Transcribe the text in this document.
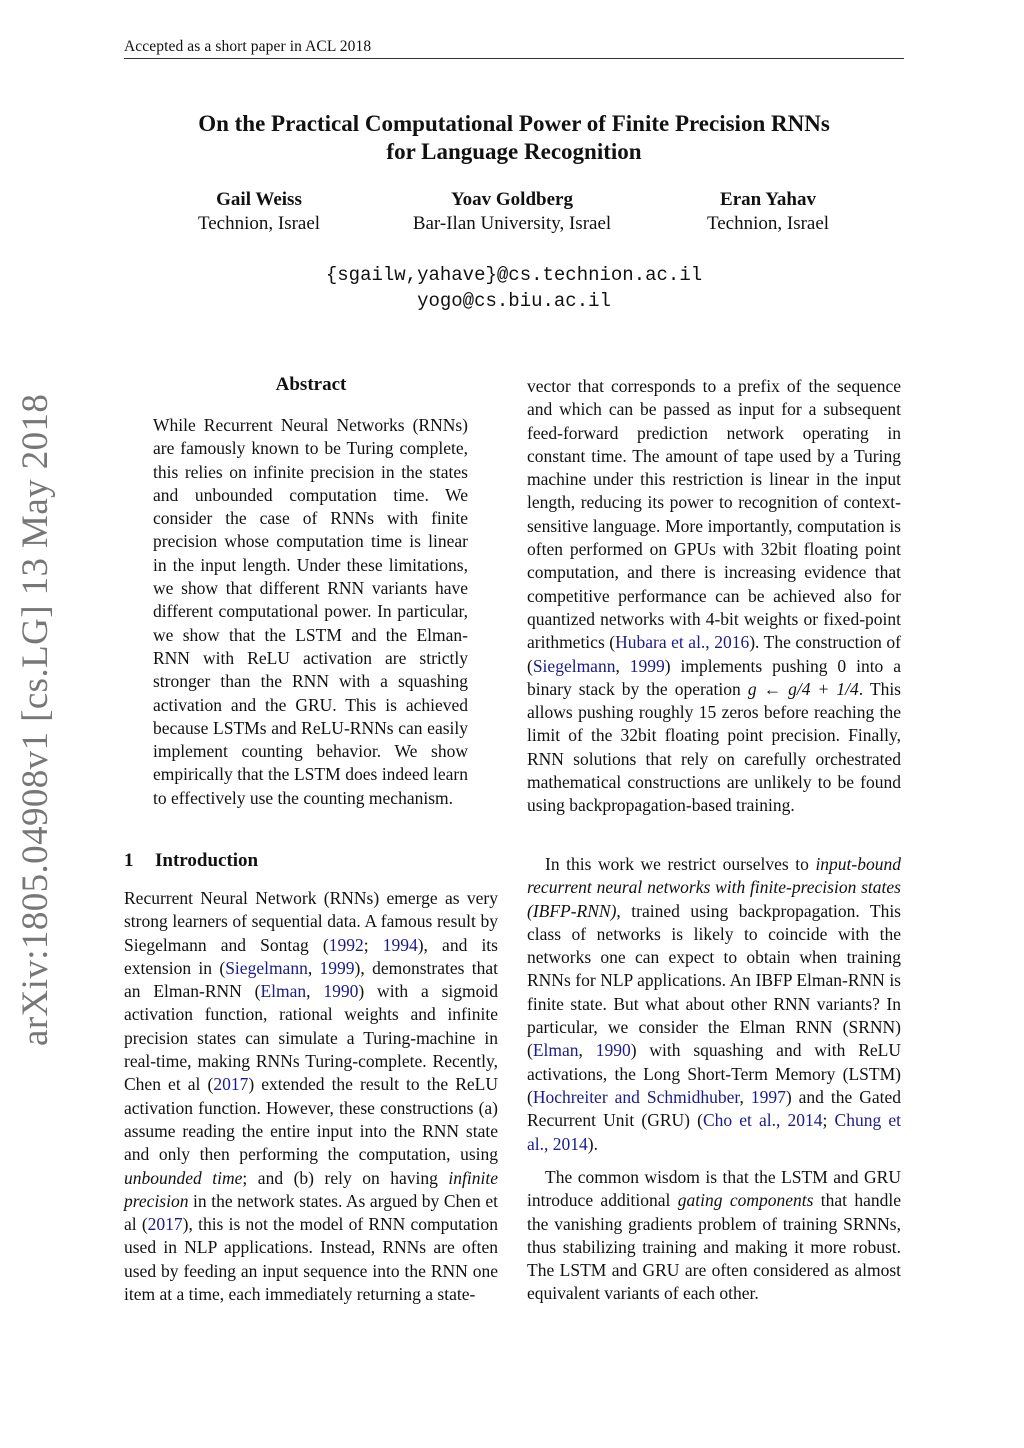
Accepted as a short paper in ACL 2018
arXiv:1805.04908v1 [cs.LG] 13 May 2018
On the Practical Computational Power of Finite Precision RNNs
for Language Recognition
Gail Weiss
Technion, Israel
Yoav Goldberg
Bar-Ilan University, Israel
Eran Yahav
Technion, Israel
{sgailw,yahave}@cs.technion.ac.il
yogo@cs.biu.ac.il
Abstract
While Recurrent Neural Networks (RNNs) are famously known to be Turing complete, this relies on infinite precision in the states and unbounded computation time. We consider the case of RNNs with finite precision whose computation time is linear in the input length. Under these limitations, we show that different RNN variants have different computational power. In particular, we show that the LSTM and the Elman-RNN with ReLU activation are strictly stronger than the RNN with a squashing activation and the GRU. This is achieved because LSTMs and ReLU-RNNs can easily implement counting behavior. We show empirically that the LSTM does indeed learn to effectively use the counting mechanism.
1 Introduction
Recurrent Neural Network (RNNs) emerge as very strong learners of sequential data. A famous result by Siegelmann and Sontag (1992; 1994), and its extension in (Siegelmann, 1999), demonstrates that an Elman-RNN (Elman, 1990) with a sigmoid activation function, rational weights and infinite precision states can simulate a Turing-machine in real-time, making RNNs Turing-complete. Recently, Chen et al (2017) extended the result to the ReLU activation function. However, these constructions (a) assume reading the entire input into the RNN state and only then performing the computation, using unbounded time; and (b) rely on having infinite precision in the network states. As argued by Chen et al (2017), this is not the model of RNN computation used in NLP applications. Instead, RNNs are often used by feeding an input sequence into the RNN one item at a time, each immediately returning a state-
vector that corresponds to a prefix of the sequence and which can be passed as input for a subsequent feed-forward prediction network operating in constant time. The amount of tape used by a Turing machine under this restriction is linear in the input length, reducing its power to recognition of context-sensitive language. More importantly, computation is often performed on GPUs with 32bit floating point computation, and there is increasing evidence that competitive performance can be achieved also for quantized networks with 4-bit weights or fixed-point arithmetics (Hubara et al., 2016). The construction of (Siegelmann, 1999) implements pushing 0 into a binary stack by the operation g ← g/4 + 1/4. This allows pushing roughly 15 zeros before reaching the limit of the 32bit floating point precision. Finally, RNN solutions that rely on carefully orchestrated mathematical constructions are unlikely to be found using backpropagation-based training.
In this work we restrict ourselves to input-bound recurrent neural networks with finite-precision states (IBFP-RNN), trained using backpropagation. This class of networks is likely to coincide with the networks one can expect to obtain when training RNNs for NLP applications. An IBFP Elman-RNN is finite state. But what about other RNN variants? In particular, we consider the Elman RNN (SRNN) (Elman, 1990) with squashing and with ReLU activations, the Long Short-Term Memory (LSTM) (Hochreiter and Schmidhuber, 1997) and the Gated Recurrent Unit (GRU) (Cho et al., 2014; Chung et al., 2014).
The common wisdom is that the LSTM and GRU introduce additional gating components that handle the vanishing gradients problem of training SRNNs, thus stabilizing training and making it more robust. The LSTM and GRU are often considered as almost equivalent variants of each other.
